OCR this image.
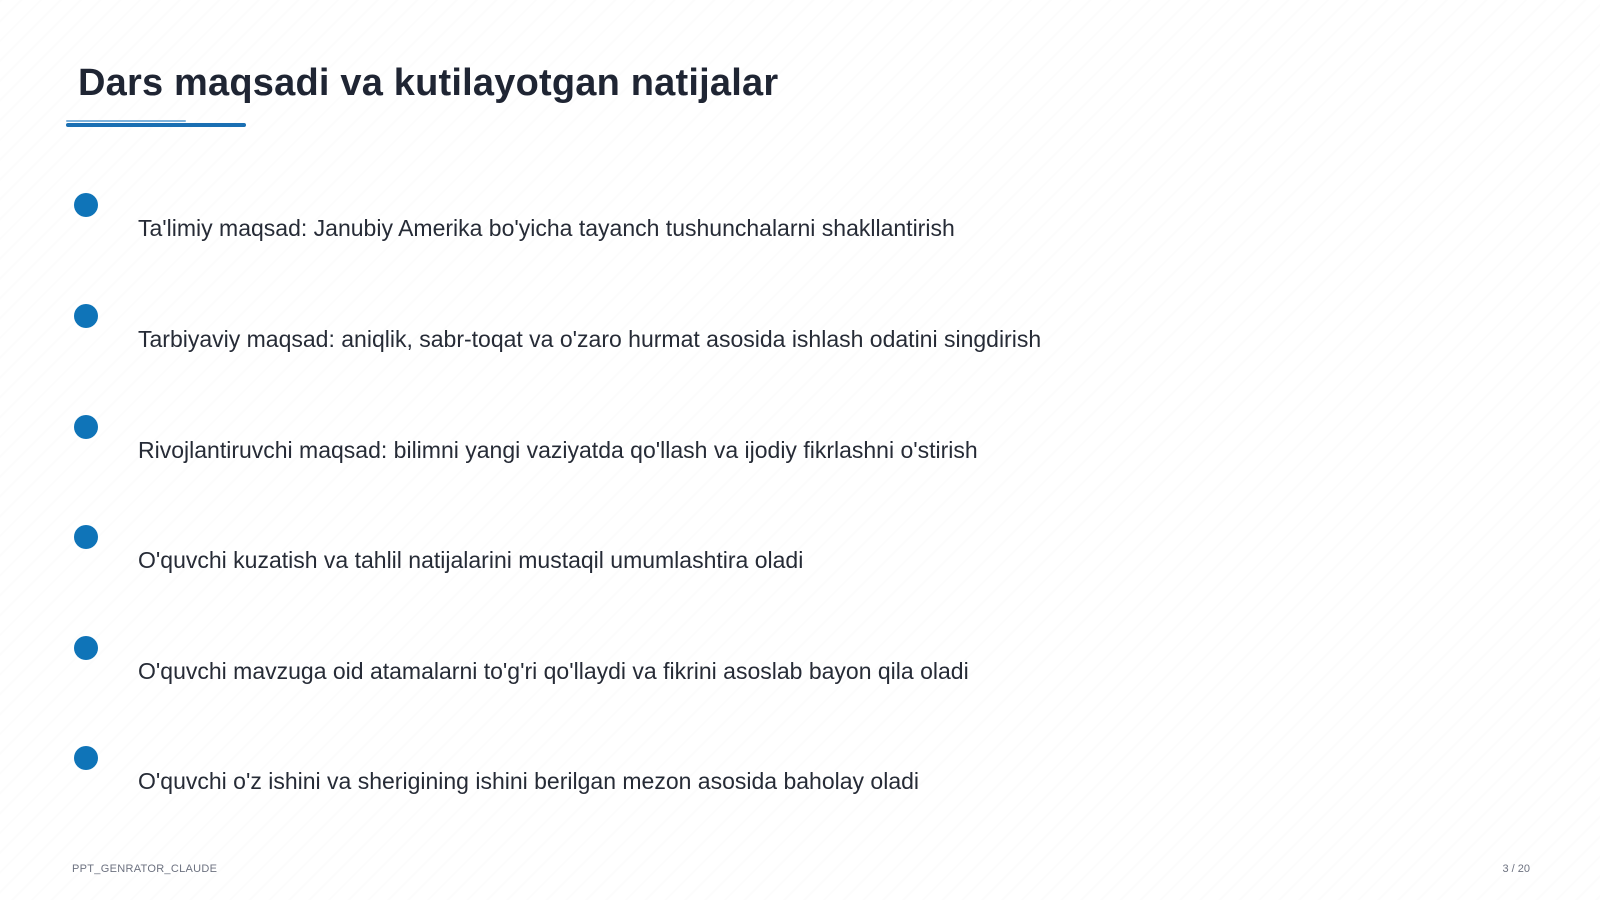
Dars maqsadi va kutilayotgan natijalar
Ta'limiy maqsad: Janubiy Amerika bo'yicha tayanch tushunchalarni shakllantirish
Tarbiyaviy maqsad: aniqlik, sabr-toqat va o'zaro hurmat asosida ishlash odatini singdirish
Rivojlantiruvchi maqsad: bilimni yangi vaziyatda qo'llash va ijodiy fikrlashni o'stirish
O'quvchi kuzatish va tahlil natijalarini mustaqil umumlashtira oladi
O'quvchi mavzuga oid atamalarni to'g'ri qo'llaydi va fikrini asoslab bayon qila oladi
O'quvchi o'z ishini va sherigining ishini berilgan mezon asosida baholay oladi
PPT_GENRATOR_CLAUDE	3 / 20
